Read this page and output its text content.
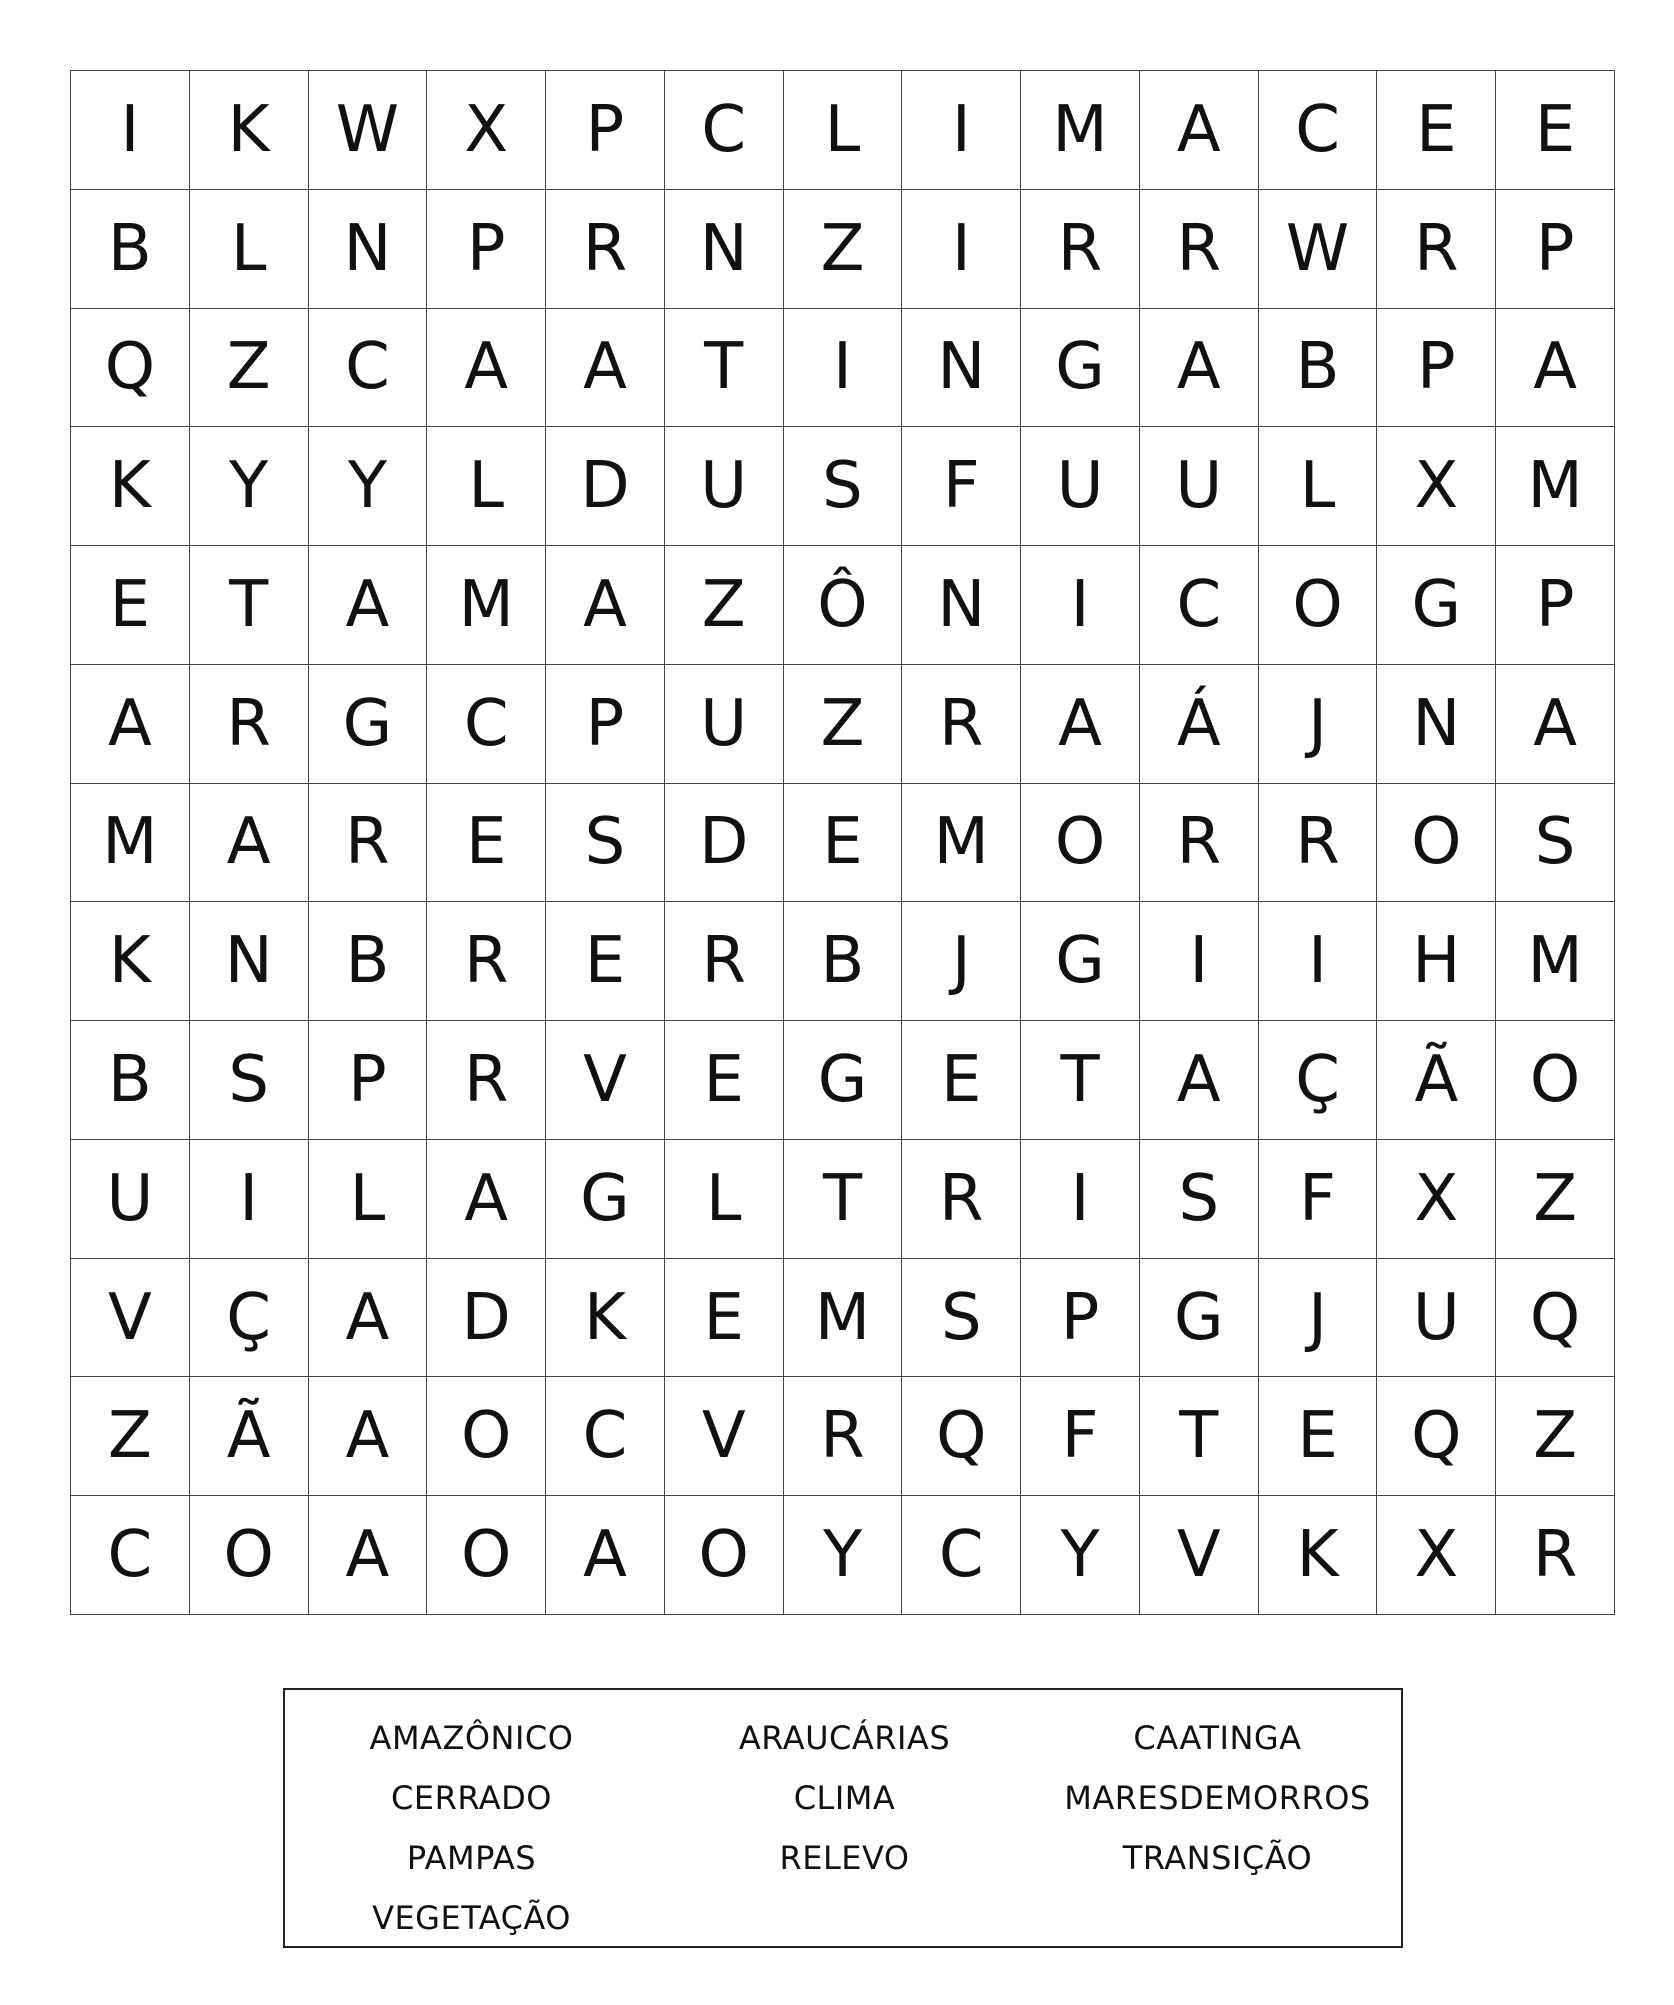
I	K	W	X	P	C	L	I	M	A	C	E	E
B	L	N	P	R	N	Z	I	R	R	W	R	P
Q	Z	C	A	A	T	I	N	G	A	B	P	A
K	Y	Y	L	D	U	S	F	U	U	L	X	M
E	T	A	M	A	Z	Ô	N	I	C	O	G	P
A	R	G	C	P	U	Z	R	A	Á	J	N	A
M	A	R	E	S	D	E	M	O	R	R	O	S
K	N	B	R	E	R	B	J	G	I	I	H	M
B	S	P	R	V	E	G	E	T	A	Ç	Ã	O
U	I	L	A	G	L	T	R	I	S	F	X	Z
V	Ç	A	D	K	E	M	S	P	G	J	U	Q
Z	Ã	A	O	C	V	R	Q	F	T	E	Q	Z
C	O	A	O	A	O	Y	C	Y	V	K	X	R
AMAZÔNICO
CERRADO
PAMPAS
VEGETAÇÃO
ARAUCÁRIAS
CLIMA
RELEVO
CAATINGA
MARESDEMORROS
TRANSIÇÃO
